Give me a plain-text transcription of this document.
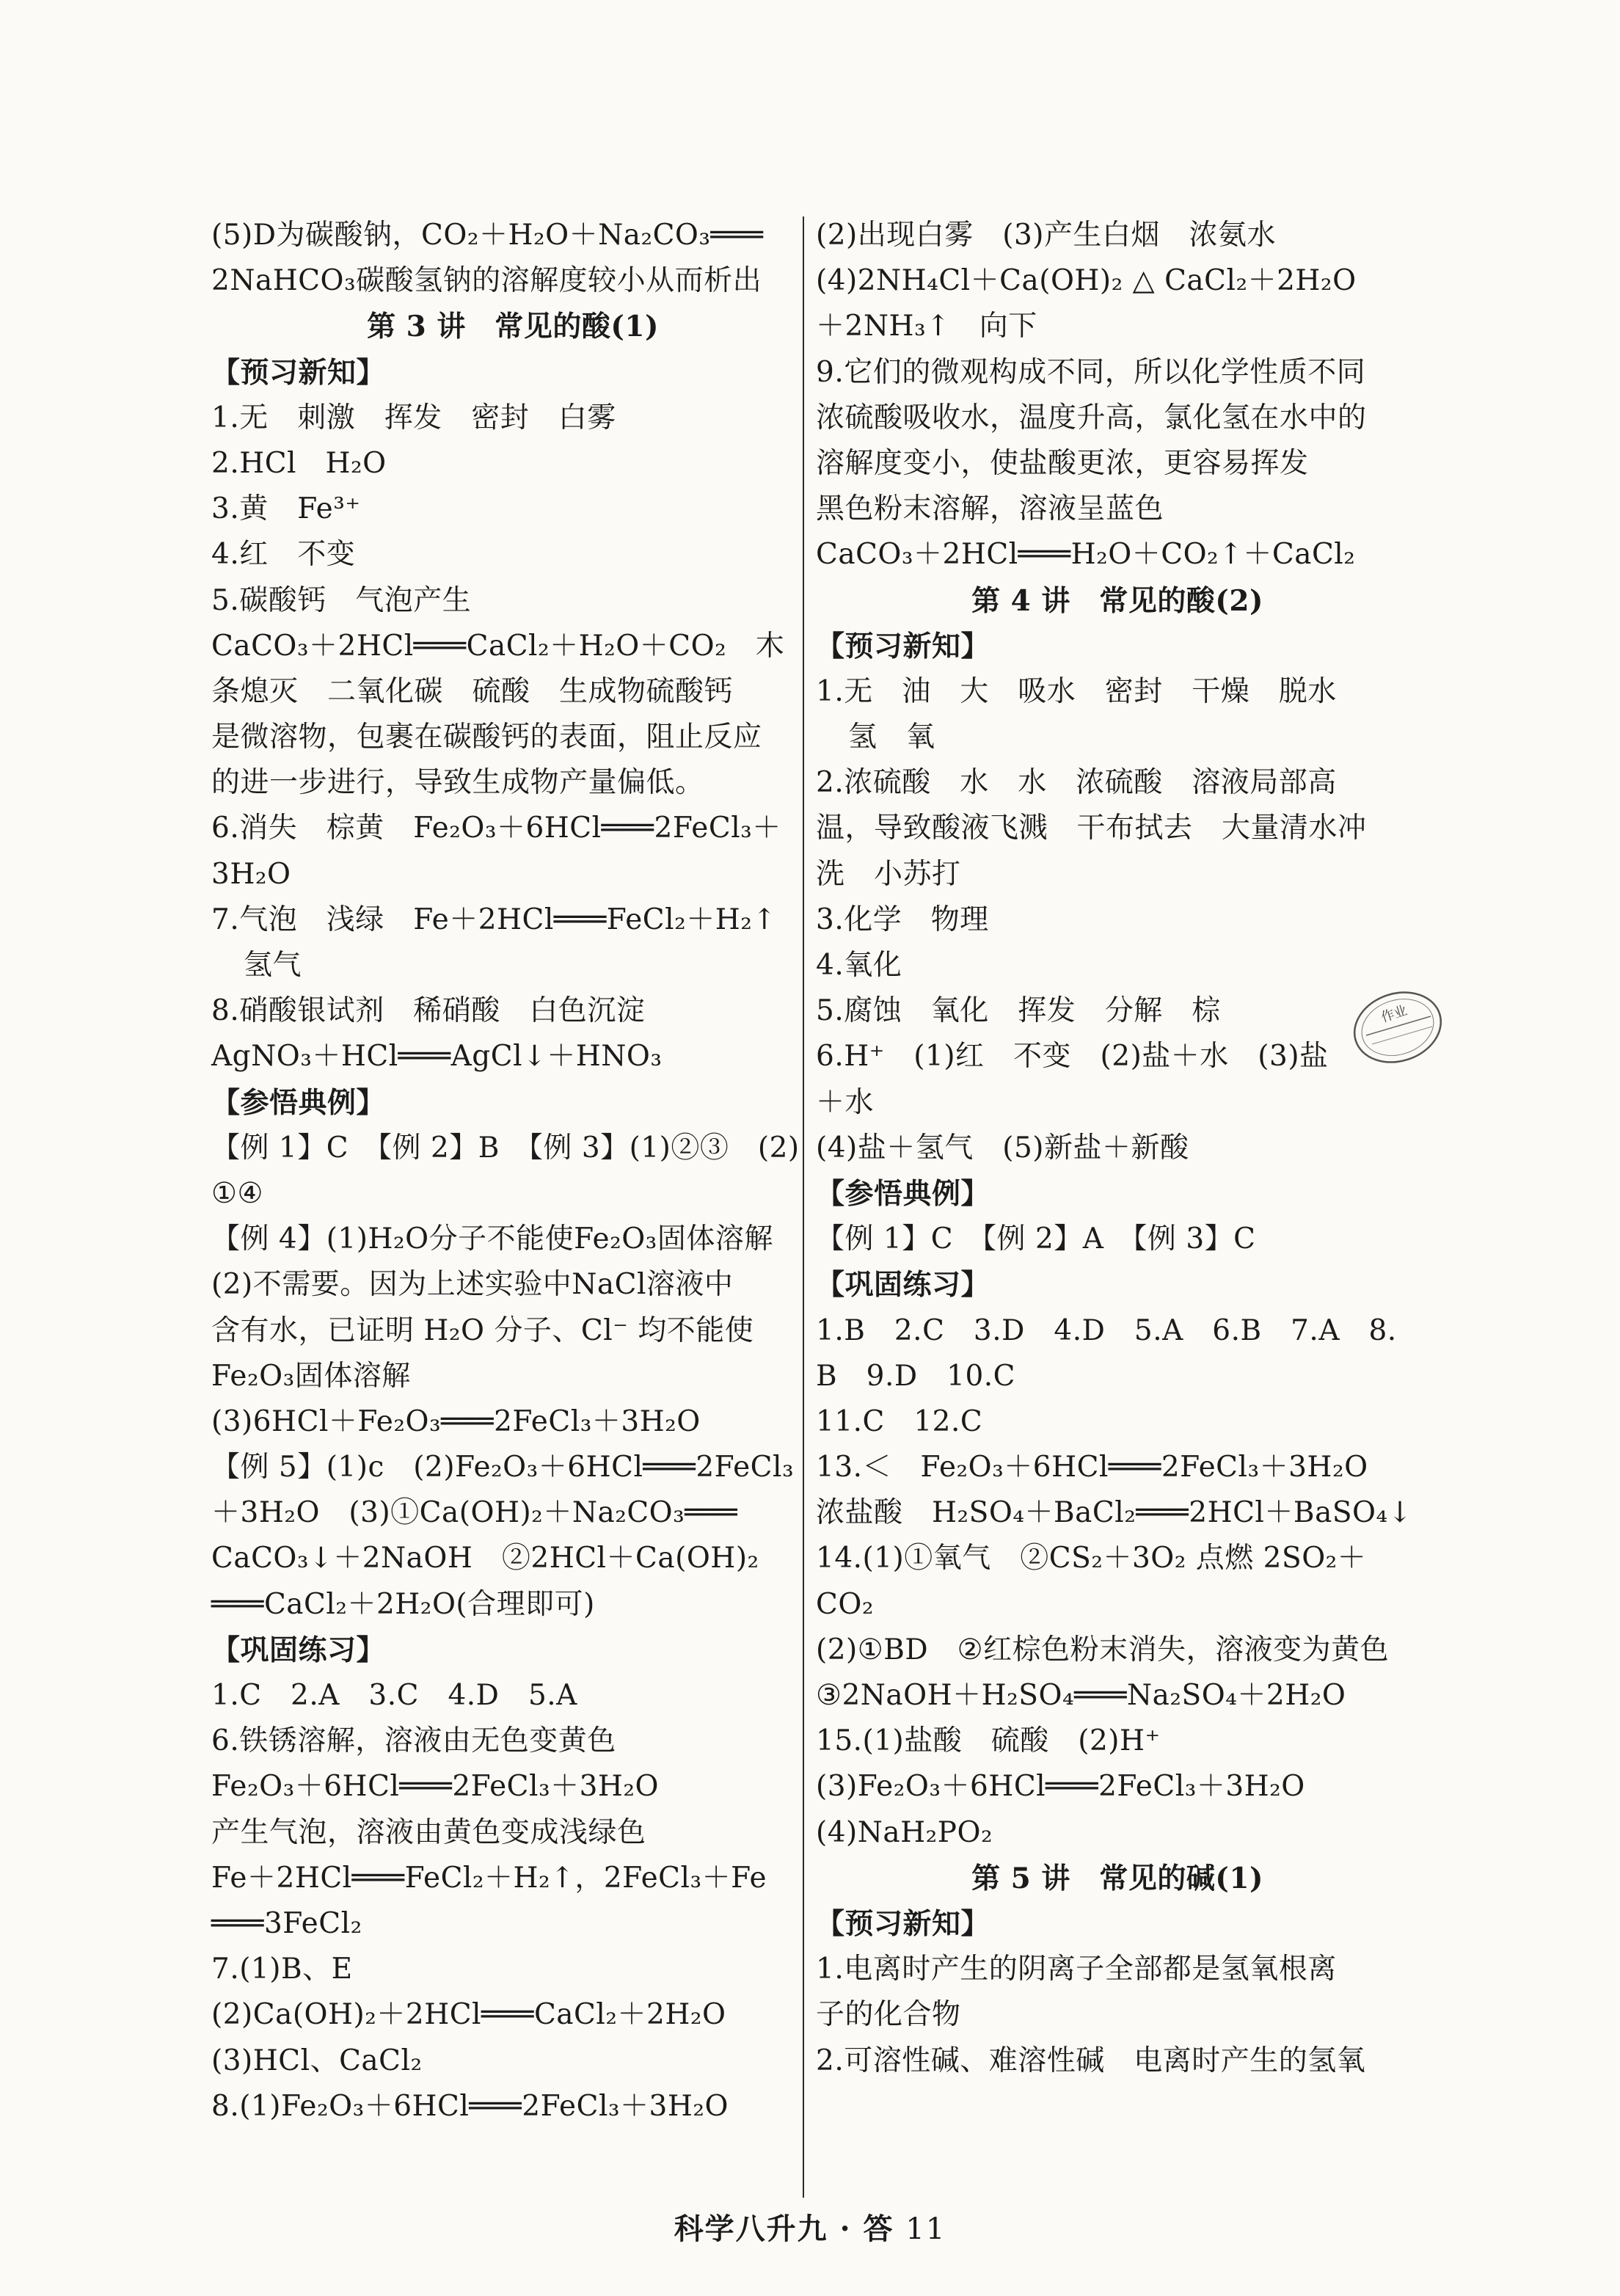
(5)D为碳酸钠，CO₂＋H₂O＋Na₂CO₃═══
2NaHCO₃碳酸氢钠的溶解度较小从而析出
第 3 讲　常见的酸(1)
【预习新知】
1.无　刺激　挥发　密封　白雾
2.HCl　H₂O
3.黄　Fe³⁺
4.红　不变
5.碳酸钙　气泡产生
CaCO₃＋2HCl═══CaCl₂＋H₂O＋CO₂　木
条熄灭　二氧化碳　硫酸　生成物硫酸钙
是微溶物，包裹在碳酸钙的表面，阻止反应
的进一步进行，导致生成物产量偏低。
6.消失　棕黄　Fe₂O₃＋6HCl═══2FeCl₃＋
3H₂O
7.气泡　浅绿　Fe＋2HCl═══FeCl₂＋H₂↑
氢气
8.硝酸银试剂　稀硝酸　白色沉淀
AgNO₃＋HCl═══AgCl↓＋HNO₃
【参悟典例】
【例 1】C　【例 2】B　【例 3】(1)②③　(2)
①④
【例 4】(1)H₂O分子不能使Fe₂O₃固体溶解
(2)不需要。因为上述实验中NaCl溶液中
含有水，已证明 H₂O 分子、Cl⁻ 均不能使
Fe₂O₃固体溶解
(3)6HCl＋Fe₂O₃═══2FeCl₃＋3H₂O
【例 5】(1)c　(2)Fe₂O₃＋6HCl═══2FeCl₃
＋3H₂O　(3)①Ca(OH)₂＋Na₂CO₃═══
CaCO₃↓＋2NaOH　②2HCl＋Ca(OH)₂
═══CaCl₂＋2H₂O(合理即可)
【巩固练习】
1.C　2.A　3.C　4.D　5.A
6.铁锈溶解，溶液由无色变黄色
Fe₂O₃＋6HCl═══2FeCl₃＋3H₂O
产生气泡，溶液由黄色变成浅绿色
Fe＋2HCl═══FeCl₂＋H₂↑，2FeCl₃＋Fe
═══3FeCl₂
7.(1)B、E
(2)Ca(OH)₂＋2HCl═══CaCl₂＋2H₂O
(3)HCl、CaCl₂
8.(1)Fe₂O₃＋6HCl═══2FeCl₃＋3H₂O
(2)出现白雾　(3)产生白烟　浓氨水
(4)2NH₄Cl＋Ca(OH)₂ △ CaCl₂＋2H₂O
＋2NH₃↑　向下
9.它们的微观构成不同，所以化学性质不同
浓硫酸吸收水，温度升高，氯化氢在水中的
溶解度变小，使盐酸更浓，更容易挥发
黑色粉末溶解，溶液呈蓝色
CaCO₃＋2HCl═══H₂O＋CO₂↑＋CaCl₂
第 4 讲　常见的酸(2)
【预习新知】
1.无　油　大　吸水　密封　干燥　脱水
氢　氧
2.浓硫酸　水　水　浓硫酸　溶液局部高
温，导致酸液飞溅　干布拭去　大量清水冲
洗　小苏打
3.化学　物理
4.氧化
5.腐蚀　氧化　挥发　分解　棕
6.H⁺　(1)红　不变　(2)盐＋水　(3)盐
＋水
(4)盐＋氢气　(5)新盐＋新酸
【参悟典例】
【例 1】C　【例 2】A　【例 3】C
【巩固练习】
1.B　2.C　3.D　4.D　5.A　6.B　7.A　8.
B　9.D　10.C
11.C　12.C
13.＜　Fe₂O₃＋6HCl═══2FeCl₃＋3H₂O
浓盐酸　H₂SO₄＋BaCl₂═══2HCl＋BaSO₄↓
14.(1)①氧气　②CS₂＋3O₂ 点燃 2SO₂＋
CO₂
(2)①BD　②红棕色粉末消失，溶液变为黄色
③2NaOH＋H₂SO₄═══Na₂SO₄＋2H₂O
15.(1)盐酸　硫酸　(2)H⁺
(3)Fe₂O₃＋6HCl═══2FeCl₃＋3H₂O
(4)NaH₂PO₂
第 5 讲　常见的碱(1)
【预习新知】
1.电离时产生的阴离子全部都是氢氧根离
子的化合物
2.可溶性碱、难溶性碱　电离时产生的氢氧
作业
科学八升九 · 答 11
